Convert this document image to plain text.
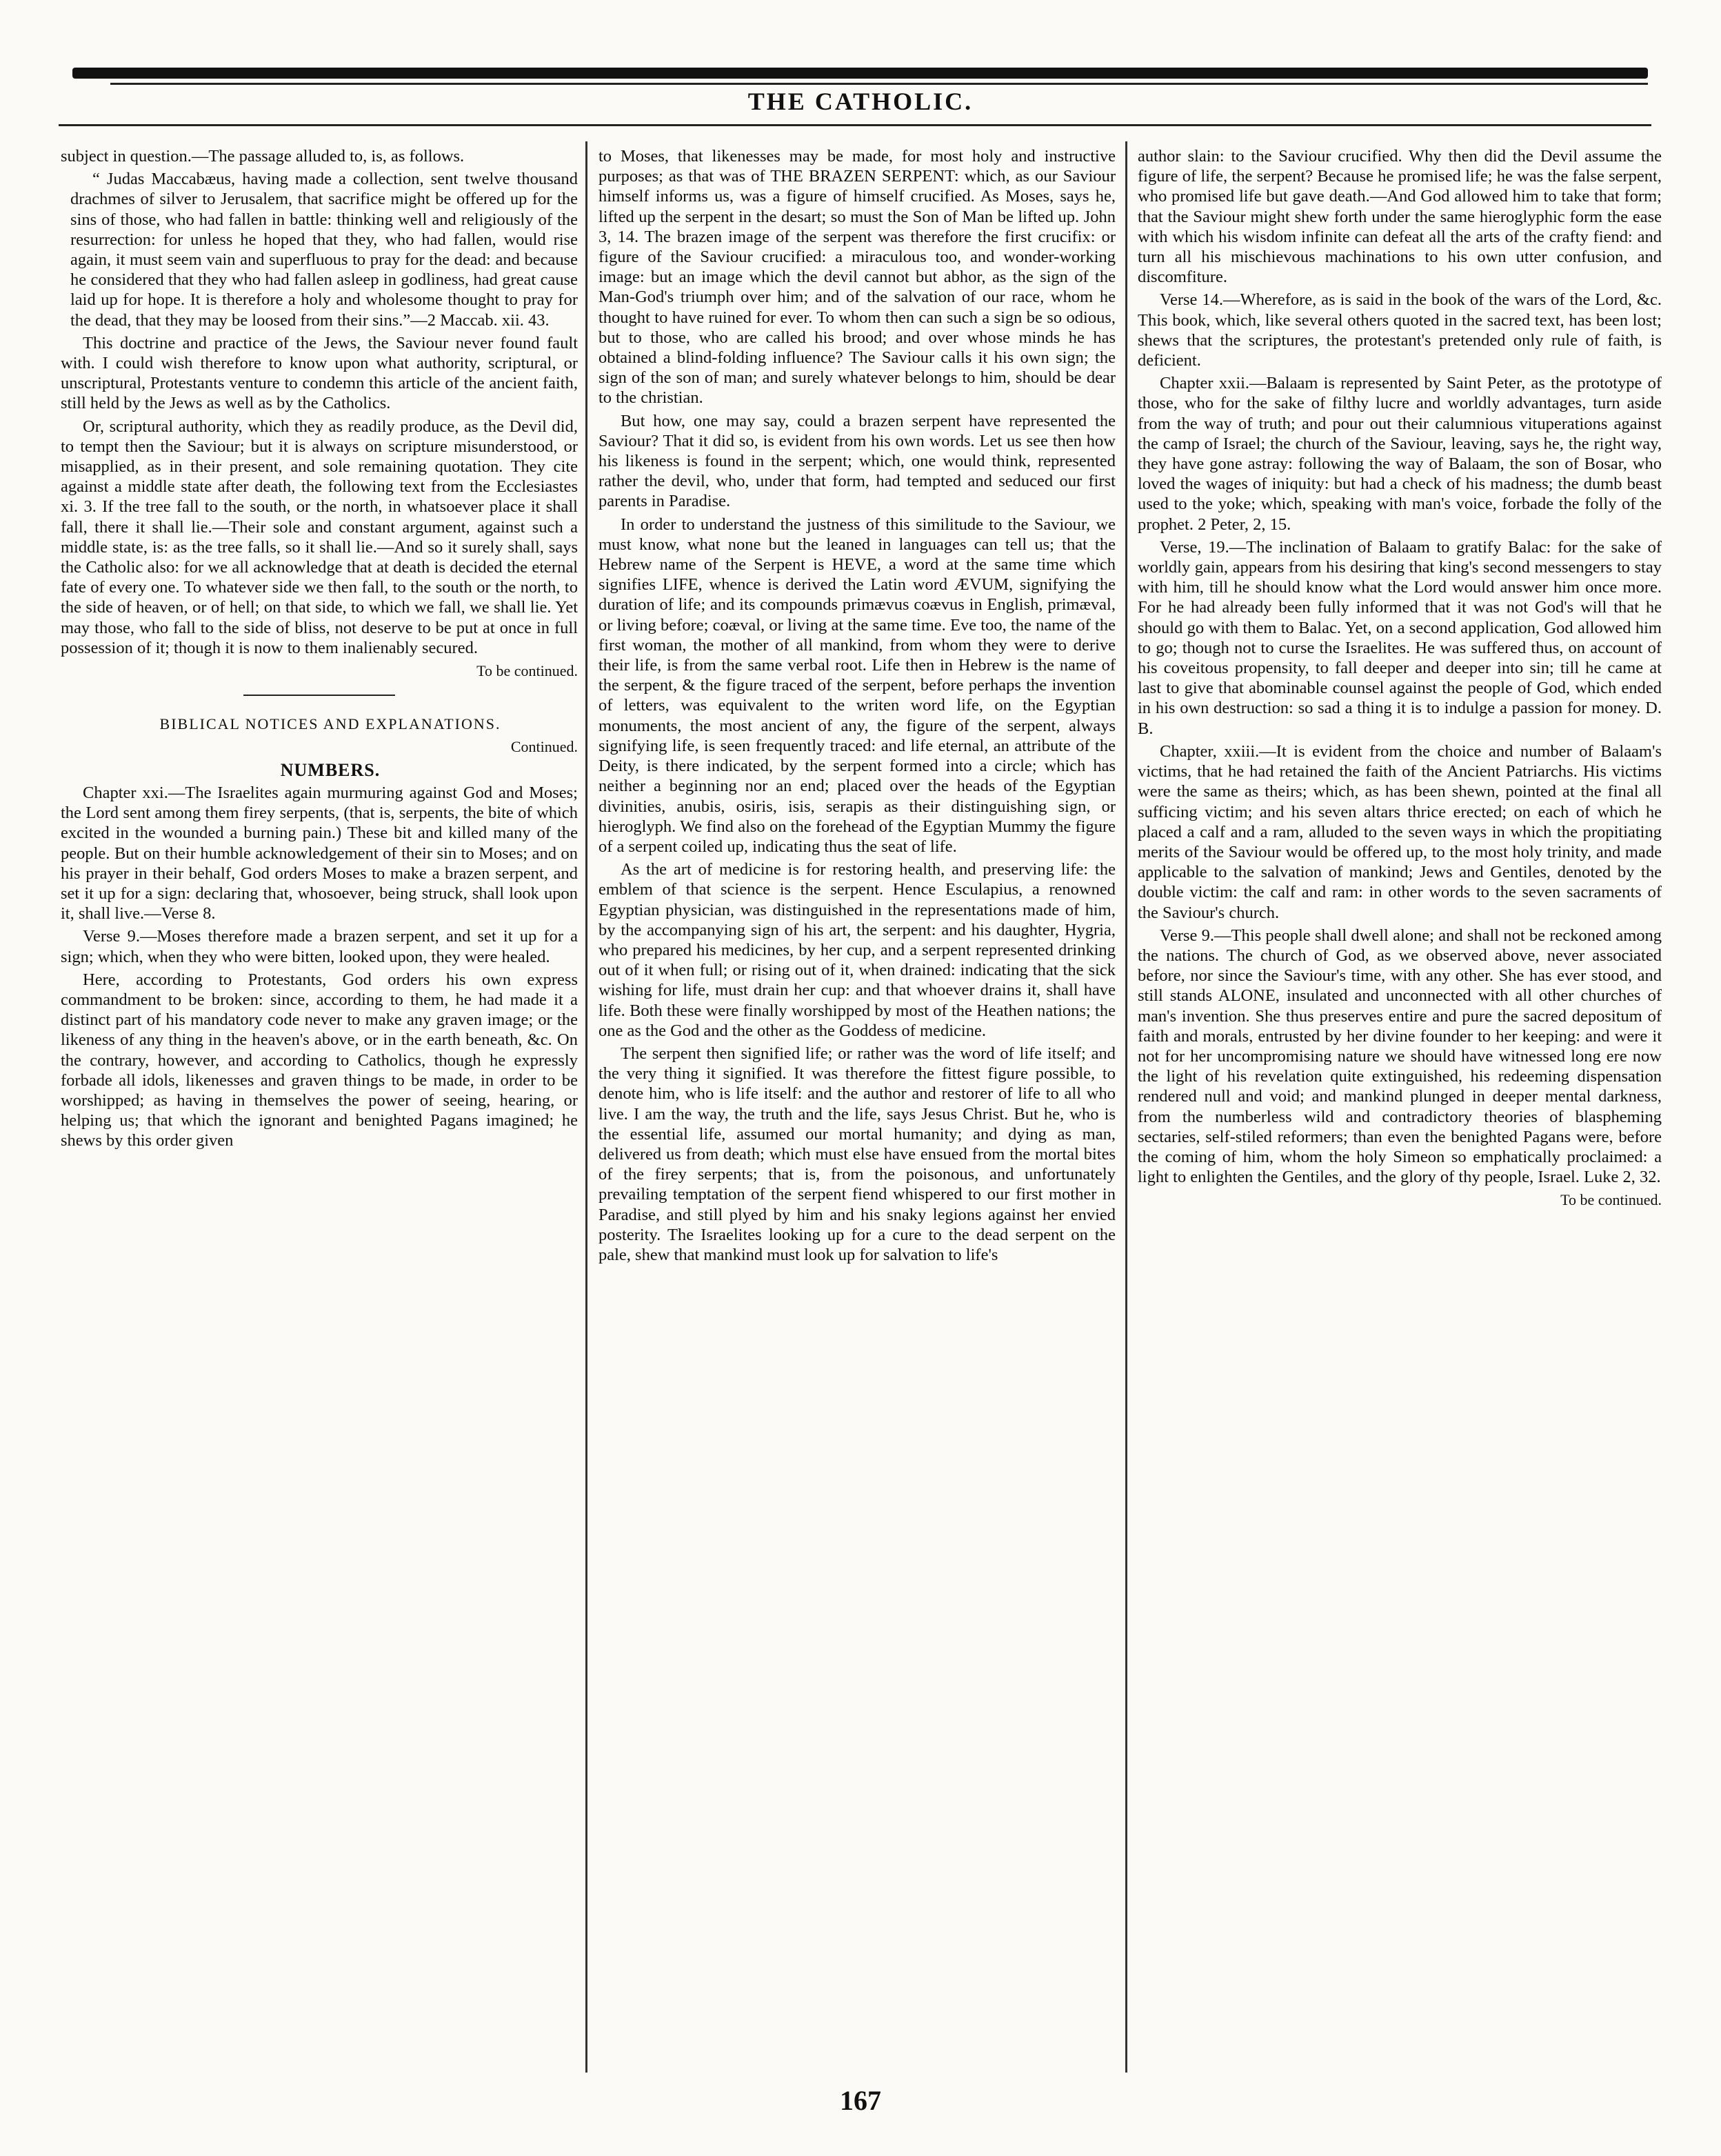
THE CATHOLIC.

subject in question.—The passage alluded to, is, as follows.

“ Judas Maccabæus, having made a collection, sent twelve thousand drachmes of silver to Jerusalem, that sacrifice might be offered up for the sins of those, who had fallen in battle: thinking well and religiously of the resurrection: for unless he hoped that they, who had fallen, would rise again, it must seem vain and superfluous to pray for the dead: and because he considered that they who had fallen asleep in godliness, had great cause laid up for hope. It is therefore a holy and wholesome thought to pray for the dead, that they may be loosed from their sins.”—2 Maccab. xii. 43.

This doctrine and practice of the Jews, the Saviour never found fault with. I could wish therefore to know upon what authority, scriptural, or unscriptural, Protestants venture to condemn this article of the ancient faith, still held by the Jews as well as by the Catholics.

Or, scriptural authority, which they as readily produce, as the Devil did, to tempt then the Saviour; but it is always on scripture misunderstood, or misapplied, as in their present, and sole remaining quotation. They cite against a middle state after death, the following text from the Ecclesiastes xi. 3. If the tree fall to the south, or the north, in whatsoever place it shall fall, there it shall lie.—Their sole and constant argument, against such a middle state, is: as the tree falls, so it shall lie.—And so it surely shall, says the Catholic also: for we all acknowledge that at death is decided the eternal fate of every one. To whatever side we then fall, to the south or the north, to the side of heaven, or of hell; on that side, to which we fall, we shall lie. Yet may those, who fall to the side of bliss, not deserve to be put at once in full possession of it; though it is now to them inalienably secured.

To be continued.

BIBLICAL NOTICES AND EXPLANATIONS.

Continued.

NUMBERS.

Chapter xxi.—The Israelites again murmuring against God and Moses; the Lord sent among them firey serpents, (that is, serpents, the bite of which excited in the wounded a burning pain.) These bit and killed many of the people. But on their humble acknowledgement of their sin to Moses; and on his prayer in their behalf, God orders Moses to make a brazen serpent, and set it up for a sign: declaring that, whosoever, being struck, shall look upon it, shall live.—Verse 8.

Verse 9.—Moses therefore made a brazen serpent, and set it up for a sign; which, when they who were bitten, looked upon, they were healed.

Here, according to Protestants, God orders his own express commandment to be broken: since, according to them, he had made it a distinct part of his mandatory code never to make any graven image; or the likeness of any thing in the heaven's above, or in the earth beneath, &c. On the contrary, however, and according to Catholics, though he expressly forbade all idols, likenesses and graven things to be made, in order to be worshipped; as having in themselves the power of seeing, hearing, or helping us; that which the ignorant and benighted Pagans imagined; he shews by this order given

to Moses, that likenesses may be made, for most holy and instructive purposes; as that was of THE BRAZEN SERPENT: which, as our Saviour himself informs us, was a figure of himself crucified. As Moses, says he, lifted up the serpent in the desart; so must the Son of Man be lifted up. John 3, 14. The brazen image of the serpent was therefore the first crucifix: or figure of the Saviour crucified: a miraculous too, and wonder-working image: but an image which the devil cannot but abhor, as the sign of the Man-God's triumph over him; and of the salvation of our race, whom he thought to have ruined for ever. To whom then can such a sign be so odious, but to those, who are called his brood; and over whose minds he has obtained a blind-folding influence? The Saviour calls it his own sign; the sign of the son of man; and surely whatever belongs to him, should be dear to the christian.

But how, one may say, could a brazen serpent have represented the Saviour? That it did so, is evident from his own words. Let us see then how his likeness is found in the serpent; which, one would think, represented rather the devil, who, under that form, had tempted and seduced our first parents in Paradise.

In order to understand the justness of this similitude to the Saviour, we must know, what none but the leaned in languages can tell us; that the Hebrew name of the Serpent is HEVE, a word at the same time which signifies LIFE, whence is derived the Latin word ÆVUM, signifying the duration of life; and its compounds primævus coævus in English, primæval, or living before; coæval, or living at the same time. Eve too, the name of the first woman, the mother of all mankind, from whom they were to derive their life, is from the same verbal root. Life then in Hebrew is the name of the serpent, & the figure traced of the serpent, before perhaps the invention of letters, was equivalent to the writen word life, on the Egyptian monuments, the most ancient of any, the figure of the serpent, always signifying life, is seen frequently traced: and life eternal, an attribute of the Deity, is there indicated, by the serpent formed into a circle; which has neither a beginning nor an end; placed over the heads of the Egyptian divinities, anubis, osiris, isis, serapis as their distinguishing sign, or hieroglyph. We find also on the forehead of the Egyptian Mummy the figure of a serpent coiled up, indicating thus the seat of life.

As the art of medicine is for restoring health, and preserving life: the emblem of that science is the serpent. Hence Esculapius, a renowned Egyptian physician, was distinguished in the representations made of him, by the accompanying sign of his art, the serpent: and his daughter, Hygria, who prepared his medicines, by her cup, and a serpent represented drinking out of it when full; or rising out of it, when drained: indicating that the sick wishing for life, must drain her cup: and that whoever drains it, shall have life. Both these were finally worshipped by most of the Heathen nations; the one as the God and the other as the Goddess of medicine.

The serpent then signified life; or rather was the word of life itself; and the very thing it signified. It was therefore the fittest figure possible, to denote him, who is life itself: and the author and restorer of life to all who live. I am the way, the truth and the life, says Jesus Christ. But he, who is the essential life, assumed our mortal humanity; and dying as man, delivered us from death; which must else have ensued from the mortal bites of the firey serpents; that is, from the poisonous, and unfortunately prevailing temptation of the serpent fiend whispered to our first mother in Paradise, and still plyed by him and his snaky legions against her envied posterity. The Israelites looking up for a cure to the dead serpent on the pale, shew that mankind must look up for salvation to life's

author slain: to the Saviour crucified. Why then did the Devil assume the figure of life, the serpent? Because he promised life; he was the false serpent, who promised life but gave death.—And God allowed him to take that form; that the Saviour might shew forth under the same hieroglyphic form the ease with which his wisdom infinite can defeat all the arts of the crafty fiend: and turn all his mischievous machinations to his own utter confusion, and discomfiture.

Verse 14.—Wherefore, as is said in the book of the wars of the Lord, &c. This book, which, like several others quoted in the sacred text, has been lost; shews that the scriptures, the protestant's pretended only rule of faith, is deficient.

Chapter xxii.—Balaam is represented by Saint Peter, as the prototype of those, who for the sake of filthy lucre and worldly advantages, turn aside from the way of truth; and pour out their calumnious vituperations against the camp of Israel; the church of the Saviour, leaving, says he, the right way, they have gone astray: following the way of Balaam, the son of Bosar, who loved the wages of iniquity: but had a check of his madness; the dumb beast used to the yoke; which, speaking with man's voice, forbade the folly of the prophet. 2 Peter, 2, 15.

Verse, 19.—The inclination of Balaam to gratify Balac: for the sake of worldly gain, appears from his desiring that king's second messengers to stay with him, till he should know what the Lord would answer him once more. For he had already been fully informed that it was not God's will that he should go with them to Balac. Yet, on a second application, God allowed him to go; though not to curse the Israelites. He was suffered thus, on account of his coveitous propensity, to fall deeper and deeper into sin; till he came at last to give that abominable counsel against the people of God, which ended in his own destruction: so sad a thing it is to indulge a passion for money. D. B.

Chapter, xxiii.—It is evident from the choice and number of Balaam's victims, that he had retained the faith of the Ancient Patriarchs. His victims were the same as theirs; which, as has been shewn, pointed at the final all sufficing victim; and his seven altars thrice erected; on each of which he placed a calf and a ram, alluded to the seven ways in which the propitiating merits of the Saviour would be offered up, to the most holy trinity, and made applicable to the salvation of mankind; Jews and Gentiles, denoted by the double victim: the calf and ram: in other words to the seven sacraments of the Saviour's church.

Verse 9.—This people shall dwell alone; and shall not be reckoned among the nations. The church of God, as we observed above, never associated before, nor since the Saviour's time, with any other. She has ever stood, and still stands ALONE, insulated and unconnected with all other churches of man's invention. She thus preserves entire and pure the sacred depositum of faith and morals, entrusted by her divine founder to her keeping: and were it not for her uncompromising nature we should have witnessed long ere now the light of his revelation quite extinguished, his redeeming dispensation rendered null and void; and mankind plunged in deeper mental darkness, from the numberless wild and contradictory theories of blaspheming sectaries, self-stiled reformers; than even the benighted Pagans were, before the coming of him, whom the holy Simeon so emphatically proclaimed: a light to enlighten the Gentiles, and the glory of thy people, Israel. Luke 2, 32.

To be continued.

167
